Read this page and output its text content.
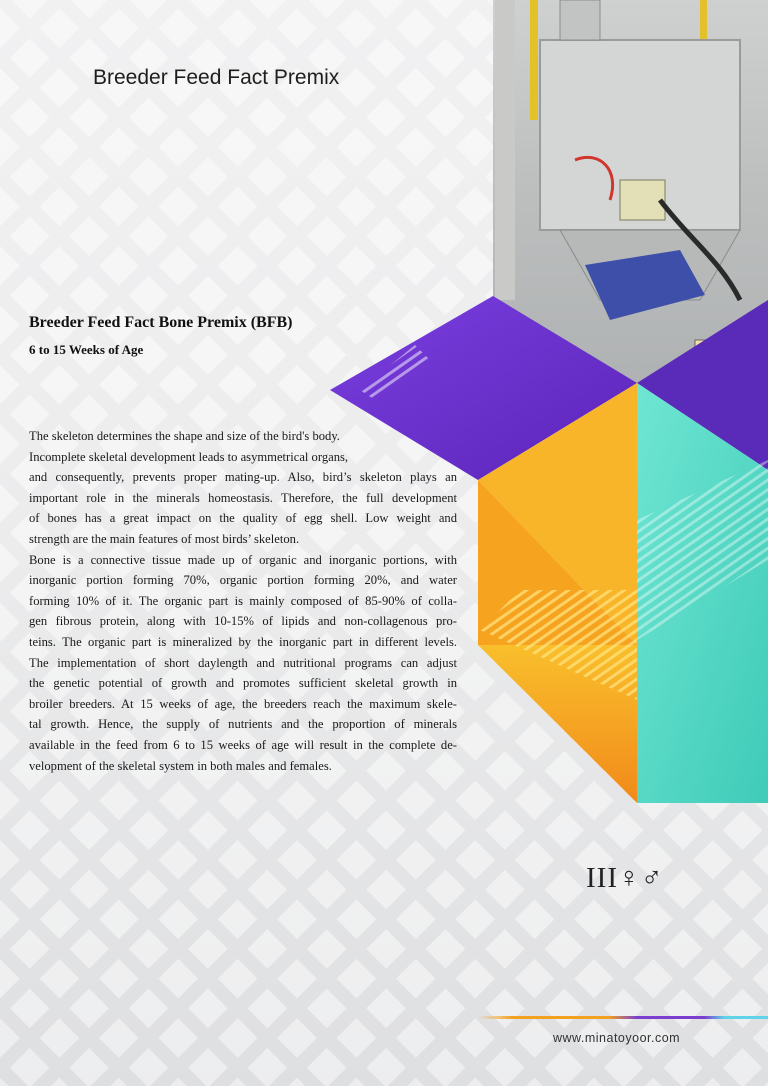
Breeder Feed Fact Premix
Breeder Feed Fact Bone Premix (BFB)
6 to 15 Weeks of Age
The skeleton determines the shape and size of the bird's body.
Incomplete skeletal development leads to asymmetrical organs,
and consequently, prevents proper mating-up. Also, bird’s skeleton plays an
important role in the minerals homeostasis. Therefore, the full development
of bones has a great impact on the quality of egg shell. Low weight and
strength are the main features of most birds’ skeleton.
Bone is a connective tissue made up of organic and inorganic portions, with
inorganic portion forming 70%, organic portion forming 20%, and water
forming 10% of it. The organic part is mainly composed of 85-90% of colla-
gen fibrous protein, along with 10-15% of lipids and non-collagenous pro-
teins. The organic part is mineralized by the inorganic part in different levels.
The implementation of short daylength and nutritional programs can adjust
the genetic potential of growth and promotes sufficient skeletal growth in
broiler breeders. At 15 weeks of age, the breeders reach the maximum skele-
tal growth. Hence, the supply of nutrients and the proportion of minerals
available in the feed from 6 to 15 weeks of age will result in the complete de-
velopment of the skeletal system in both males and females.
III♀♂
www.minatoyoor.com
